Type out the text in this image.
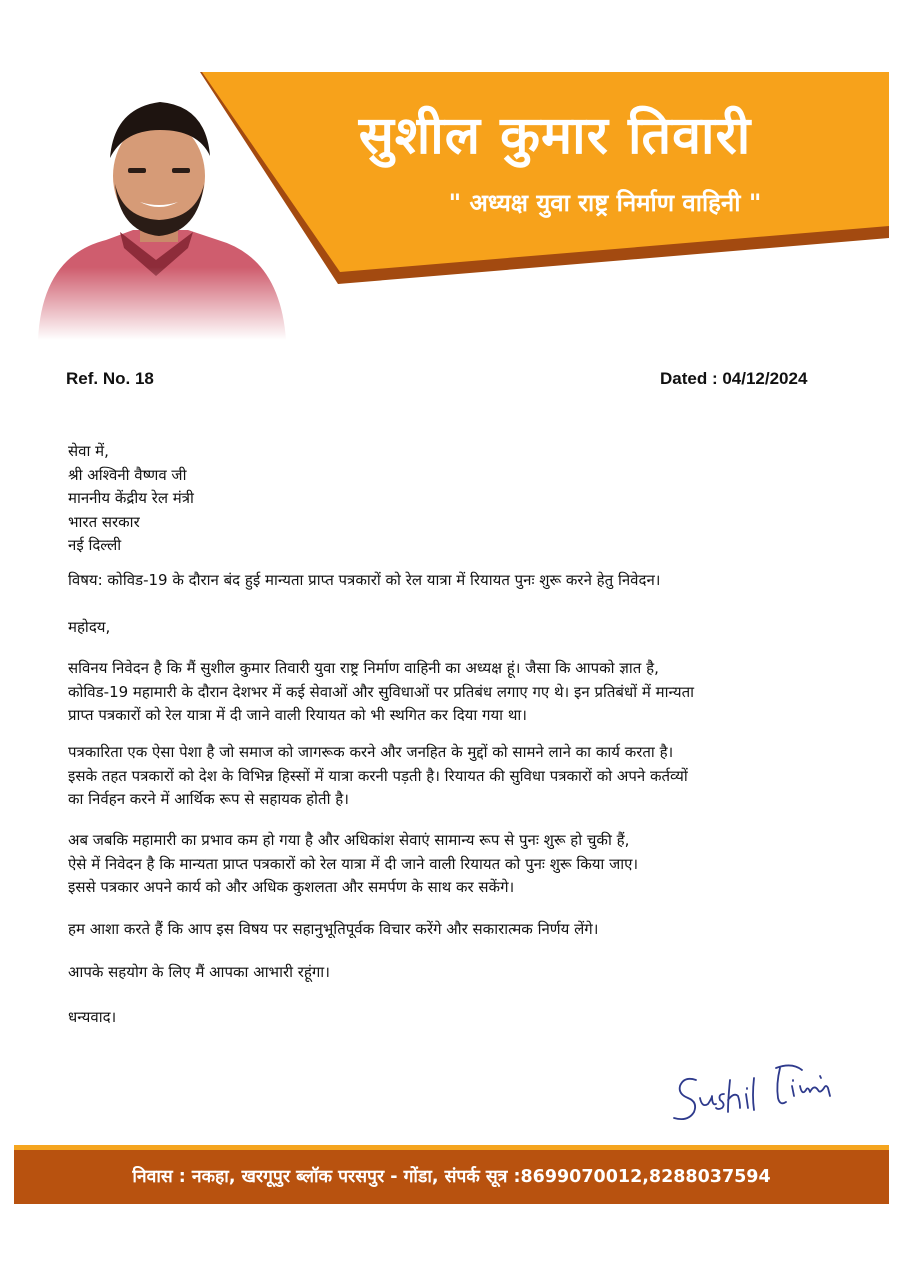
सुशील कुमार तिवारी
" अध्यक्ष युवा राष्ट्र निर्माण वाहिनी "
Ref. No. 18	Dated : 04/12/2024
सेवा में,
श्री अश्विनी वैष्णव जी
माननीय केंद्रीय रेल मंत्री
भारत सरकार
नई दिल्ली
विषय: कोविड-19 के दौरान बंद हुई मान्यता प्राप्त पत्रकारों को रेल यात्रा में रियायत पुनः शुरू करने हेतु निवेदन।
महोदय,
सविनय निवेदन है कि मैं सुशील कुमार तिवारी युवा राष्ट्र निर्माण वाहिनी का अध्यक्ष हूं। जैसा कि आपको ज्ञात है,
कोविड-19 महामारी के दौरान देशभर में कई सेवाओं और सुविधाओं पर प्रतिबंध लगाए गए थे। इन प्रतिबंधों में मान्यता
प्राप्त पत्रकारों को रेल यात्रा में दी जाने वाली रियायत को भी स्थगित कर दिया गया था।
पत्रकारिता एक ऐसा पेशा है जो समाज को जागरूक करने और जनहित के मुद्दों को सामने लाने का कार्य करता है।
इसके तहत पत्रकारों को देश के विभिन्न हिस्सों में यात्रा करनी पड़ती है। रियायत की सुविधा पत्रकारों को अपने कर्तव्यों
का निर्वहन करने में आर्थिक रूप से सहायक होती है।
अब जबकि महामारी का प्रभाव कम हो गया है और अधिकांश सेवाएं सामान्य रूप से पुनः शुरू हो चुकी हैं,
ऐसे में निवेदन है कि मान्यता प्राप्त पत्रकारों को रेल यात्रा में दी जाने वाली रियायत को पुनः शुरू किया जाए।
इससे पत्रकार अपने कार्य को और अधिक कुशलता और समर्पण के साथ कर सकेंगे।
हम आशा करते हैं कि आप इस विषय पर सहानुभूतिपूर्वक विचार करेंगे और सकारात्मक निर्णय लेंगे।
आपके सहयोग के लिए मैं आपका आभारी रहूंगा।
धन्यवाद।
निवास : नकहा, खरगूपुर ब्लॉक परसपुर - गोंडा, संपर्क सूत्र :8699070012,8288037594
